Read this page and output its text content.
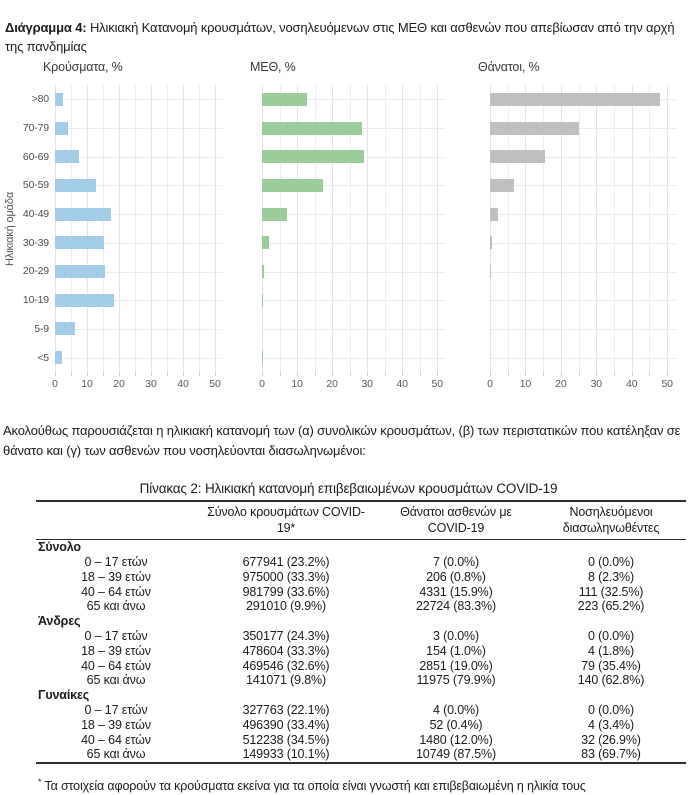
Διάγραμμα 4: Ηλικιακή Κατανομή κρουσμάτων, νοσηλευόμενων στις ΜΕΘ και ασθενών που απεβίωσαν από την αρχή της πανδημίας

Ηλικιακή ομάδα
>80
70-79
60-69
50-59
40-49
30-39
20-29
10-19
5-9
<5
Κρούσματα, %
0 10 20 30 40 50
ΜΕΘ, %
0	10 20 30 40 50
Θάνατοι, %
0	10 20 30 40 50

Ακολούθως παρουσιάζεται η ηλικιακή κατανομή των (α) συνολικών κρουσμάτων, (β) των περιστατικών που κατέληξαν σε θάνατο και (γ) των ασθενών που νοσηλεύονται διασωληνωμένοι:

Πίνακας 2: Ηλικιακή κατανομή επιβεβαιωμένων κρουσμάτων COVID-19

	Σύνολο κρουσμάτων COVID-19*	Θάνατοι ασθενών με COVID-19	Νοσηλευόμενοι διασωληνωθέντες
Σύνολο			
0 – 17 ετών	677941 (23.2%)	7 (0.0%)	0 (0.0%)
18 – 39 ετών	975000 (33.3%)	206 (0.8%)	8 (2.3%)
40 – 64 ετών	981799 (33.6%)	4331 (15.9%)	111 (32.5%)
65 και άνω	291010 (9.9%)	22724 (83.3%)	223 (65.2%)
Άνδρες			
0 – 17 ετών	350177 (24.3%)	3 (0.0%)	0 (0.0%)
18 – 39 ετών	478604 (33.3%)	154 (1.0%)	4 (1.8%)
40 – 64 ετών	469546 (32.6%)	2851 (19.0%)	79 (35.4%)
65 και άνω	141071 (9.8%)	11975 (79.9%)	140 (62.8%)
Γυναίκες			
0 – 17 ετών	327763 (22.1%)	4 (0.0%)	0 (0.0%)
18 – 39 ετών	496390 (33.4%)	52 (0.4%)	4 (3.4%)
40 – 64 ετών	512238 (34.5%)	1480 (12.0%)	32 (26.9%)
65 και άνω	149933 (10.1%)	10749 (87.5%)	83 (69.7%)

* Τα στοιχεία αφορούν τα κρούσματα εκείνα για τα οποία είναι γνωστή και επιβεβαιωμένη η ηλικία τους
